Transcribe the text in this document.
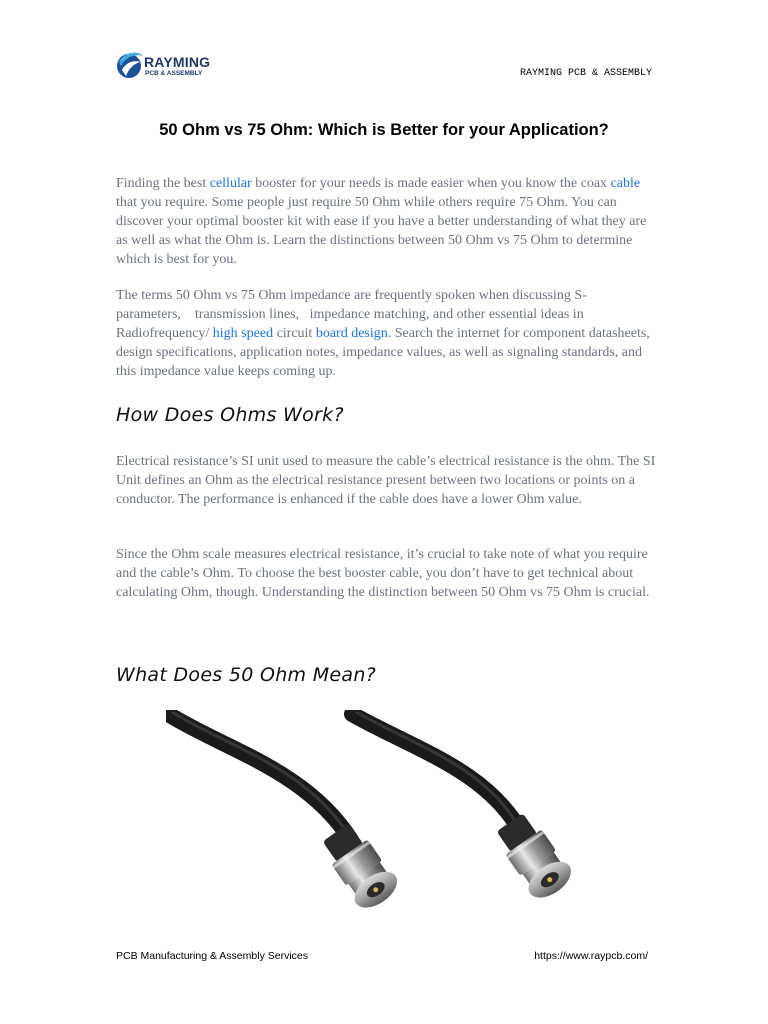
RAYMING
PCB & ASSEMBLY	RAYMING PCB & ASSEMBLY
50 Ohm vs 75 Ohm: Which is Better for your Application?

Finding the best cellular booster for your needs is made easier when you know the coax cable that you require. Some people just require 50 Ohm while others require 75 Ohm. You can discover your optimal booster kit with ease if you have a better understanding of what they are as well as what the Ohm is. Learn the distinctions between 50 Ohm vs 75 Ohm to determine which is best for you.

The terms 50 Ohm vs 75 Ohm impedance are frequently spoken when discussing S-parameters,    transmission lines,   impedance matching, and other essential ideas in Radiofrequency/ high speed circuit board design. Search the internet for component datasheets, design specifications, application notes, impedance values, as well as signaling standards, and this impedance value keeps coming up.

How Does Ohms Work?

Electrical resistance’s SI unit used to measure the cable’s electrical resistance is the ohm. The SI Unit defines an Ohm as the electrical resistance present between two locations or points on a conductor. The performance is enhanced if the cable does have a lower Ohm value.

Since the Ohm scale measures electrical resistance, it’s crucial to take note of what you require and the cable’s Ohm. To choose the best booster cable, you don’t have to get technical about calculating Ohm, though. Understanding the distinction between 50 Ohm vs 75 Ohm is crucial.

What Does 50 Ohm Mean?
PCB Manufacturing & Assembly Services	https://www.raypcb.com/
